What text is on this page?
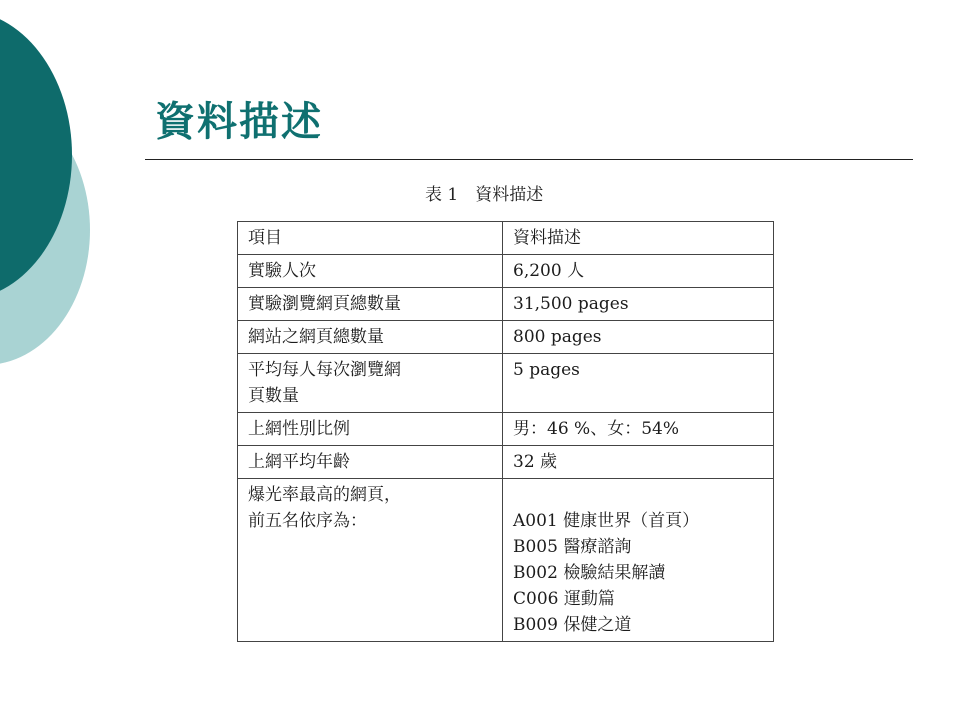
資料描述
表 1　資料描述
項目	資料描述
實驗人次	6,200 人
實驗瀏覽網頁總數量	31,500 pages
網站之網頁總數量	800 pages

平均每人每次瀏覽網
頁數量	5 pages
上網性別比例	男：46 %、女：54%
上網平均年齡	32 歲

爆光率最高的網頁，
前五名依序為：	A001 健康世界（首頁）
B005 醫療諮詢
B002 檢驗結果解讀
C006 運動篇
B009 保健之道
